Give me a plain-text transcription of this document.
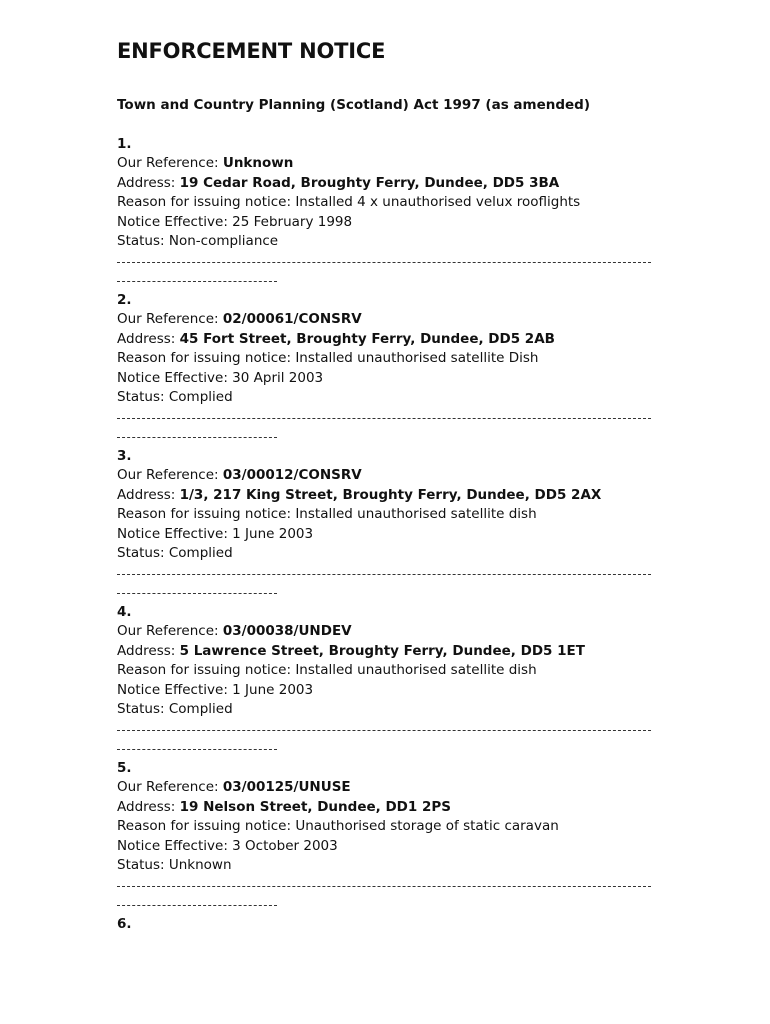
ENFORCEMENT NOTICE
Town and Country Planning (Scotland) Act 1997 (as amended)
1.
Our Reference: Unknown
Address: 19 Cedar Road, Broughty Ferry, Dundee, DD5 3BA
Reason for issuing notice: Installed 4 x unauthorised velux rooflights
Notice Effective: 25 February 1998
Status: Non-compliance
2.
Our Reference: 02/00061/CONSRV
Address: 45 Fort Street, Broughty Ferry, Dundee, DD5 2AB
Reason for issuing notice: Installed unauthorised satellite Dish
Notice Effective: 30 April 2003
Status: Complied
3.
Our Reference: 03/00012/CONSRV
Address: 1/3, 217 King Street, Broughty Ferry, Dundee, DD5 2AX
Reason for issuing notice: Installed unauthorised satellite dish
Notice Effective: 1 June 2003
Status: Complied
4.
Our Reference: 03/00038/UNDEV
Address: 5 Lawrence Street, Broughty Ferry, Dundee, DD5 1ET
Reason for issuing notice: Installed unauthorised satellite dish
Notice Effective: 1 June 2003
Status: Complied
5.
Our Reference: 03/00125/UNUSE
Address: 19 Nelson Street, Dundee, DD1 2PS
Reason for issuing notice: Unauthorised storage of static caravan
Notice Effective: 3 October 2003
Status: Unknown
6.
